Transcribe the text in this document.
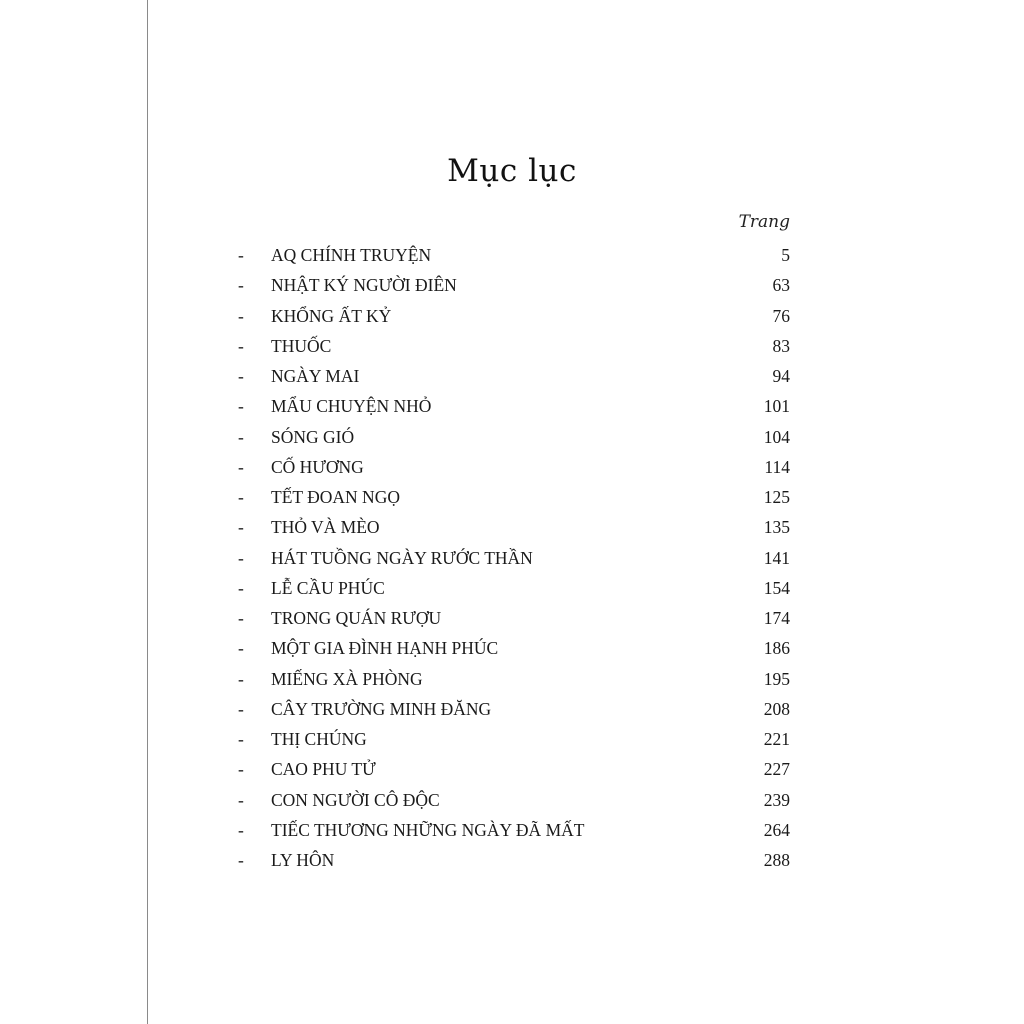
Mục lục
Trang
- AQ CHÍNH TRUYỆN	5
- NHẬT KÝ NGƯỜI ĐIÊN	63
- KHỔNG ẤT KỶ	76
- THUỐC	83
- NGÀY MAI	94
- MẨU CHUYỆN NHỎ	101
- SÓNG GIÓ	104
- CỐ HƯƠNG	114
- TẾT ĐOAN NGỌ	125
- THỎ VÀ MÈO	135
- HÁT TUỒNG NGÀY RƯỚC THẦN	141
- LỄ CẦU PHÚC	154
- TRONG QUÁN RƯỢU	174
- MỘT GIA ĐÌNH HẠNH PHÚC	186
- MIẾNG XÀ PHÒNG	195
- CÂY TRƯỜNG MINH ĐĂNG	208
- THỊ CHÚNG	221
- CAO PHU TỬ	227
- CON NGƯỜI CÔ ĐỘC	239
- TIẾC THƯƠNG NHỮNG NGÀY ĐÃ MẤT	264
- LY HÔN	288
